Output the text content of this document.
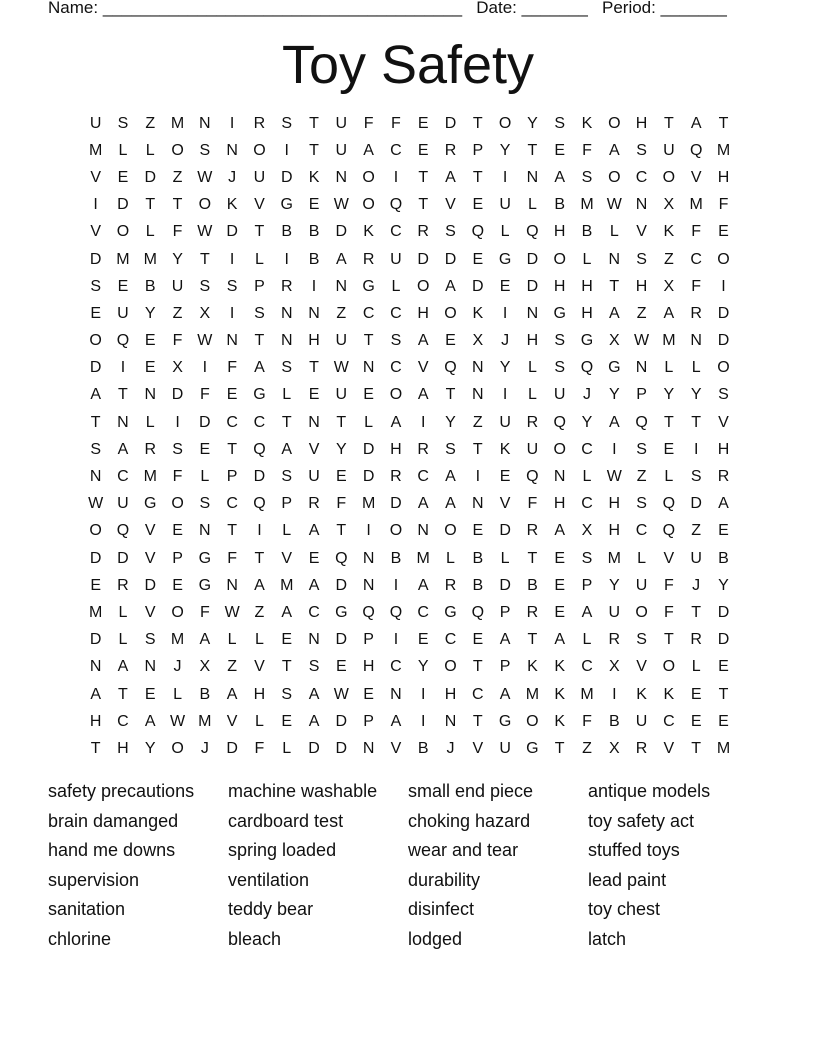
Name: ______________________________________ Date: _______ Period: _______
Toy Safety
U	S	Z M N	I	R	S	T	U	F	F	E	D	T	O Y	S	K O H	T	A	T
M	L	L	O S	N O	I	T	U	A	C	E	R	P	Y	T	E	F	A	S	U Q M
V	E	D	Z W J	U D	K	N O	I	T	A	T	I	N	A	S O C O V	H
I	D	T	T	O K	V G E W O Q	T	V	E	U	L	B M W N	X M F
V O	L	F W D	T	B	B	D	K	C R	S Q	L	Q H	B	L	V	K	F	E
D M M Y	T	I	L	I	B	A	R U D D	E G D O	L	N	S	Z	C O
S	E	B	U	S	S	P	R	I	N G	L	O A	D	E	D H H	T	H	X	F	I
E	U	Y	Z	X	I	S	N N	Z	C C H O K	I	N G H	A	Z	A	R D
O Q E	F W N	T	N H U	T	S	A	E	X	J	H	S G X W M N D
D	I	E	X	I	F	A	S	T W N C	V Q N	Y	L	S Q G N	L	L	O
A	T	N D	F	E G	L	E	U	E O A	T	N	I	L	U	J	Y	P	Y	Y	S
T	N	L	I	D C C	T	N	T	L	A	I	Y	Z	U R Q Y	A Q	T	T	V
S	A	R	S	E	T	Q A	V	Y	D H R	S	T	K	U O C	I	S	E	I	H
N C M F	L	P	D	S	U	E	D R C	A	I	E Q N	L W Z	L	S	R
W U G O S	C Q P	R	F M D	A	A	N	V	F	H C H	S Q D	A
O Q V	E	N	T	I	L	A	T	I	O N O E	D R	A	X	H C Q	Z	E
D D	V	P G	F	T	V	E Q N	B M	L	B	L	T	E	S M	L	V	U	B
E	R D	E G N	A M A	D N	I	A	R	B	D	B	E	P	Y	U	F	J	Y
M	L	V O	F W Z	A	C G Q Q C G Q P	R	E	A	U O	F	T	D
D	L	S M A	L	L	E	N D	P	I	E	C	E	A	T	A	L	R	S	T	R D
N	A	N	J	X	Z	V	T	S	E	H C	Y O	T	P	K	K	C	X	V O	L	E
A	T	E	L	B	A	H	S	A W E	N	I	H C	A M K M	I	K	K	E	T
H C	A W M V	L	E	A	D	P	A	I	N	T	G O K	F	B	U C	E	E
T	H	Y O	J	D	F	L	D D N	V	B	J	V	U G	T	Z	X	R	V	T M
safety precautions	machine washable	small end piece	antique models
brain damanged	cardboard test	choking hazard	toy safety act
hand me downs	spring loaded	wear and tear	stuffed toys
supervision	ventilation	durability	lead paint
sanitation	teddy bear	disinfect	toy chest
chlorine	bleach	lodged	latch
